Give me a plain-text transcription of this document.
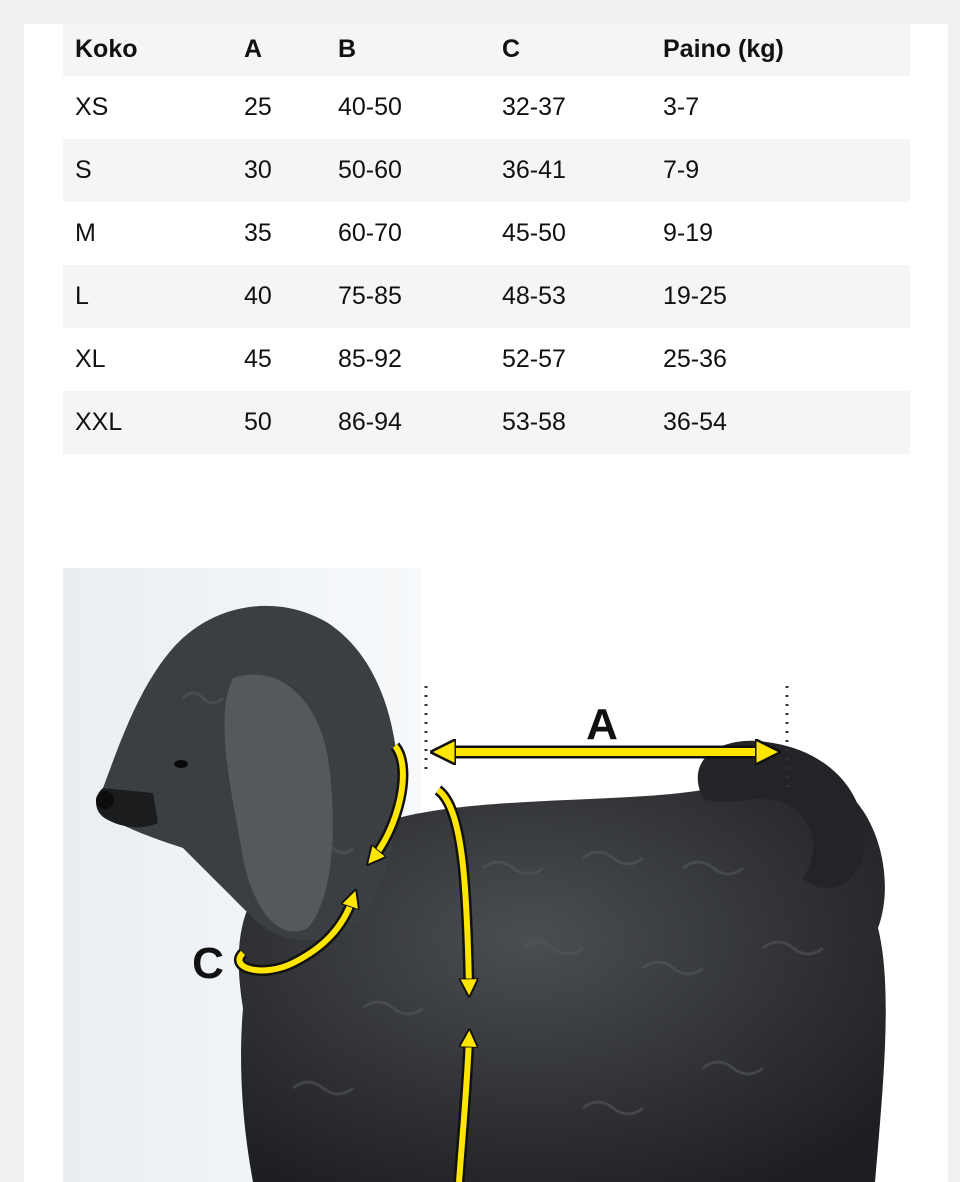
Koko	A	B	C	Paino (kg)
XS	25	40-50	32-37	3-7
S	30	50-60	36-41	7-9
M	35	60-70	45-50	9-19
L	40	75-85	48-53	19-25
XL	45	85-92	52-57	25-36
XXL	50	86-94	53-58	36-54
A
C
